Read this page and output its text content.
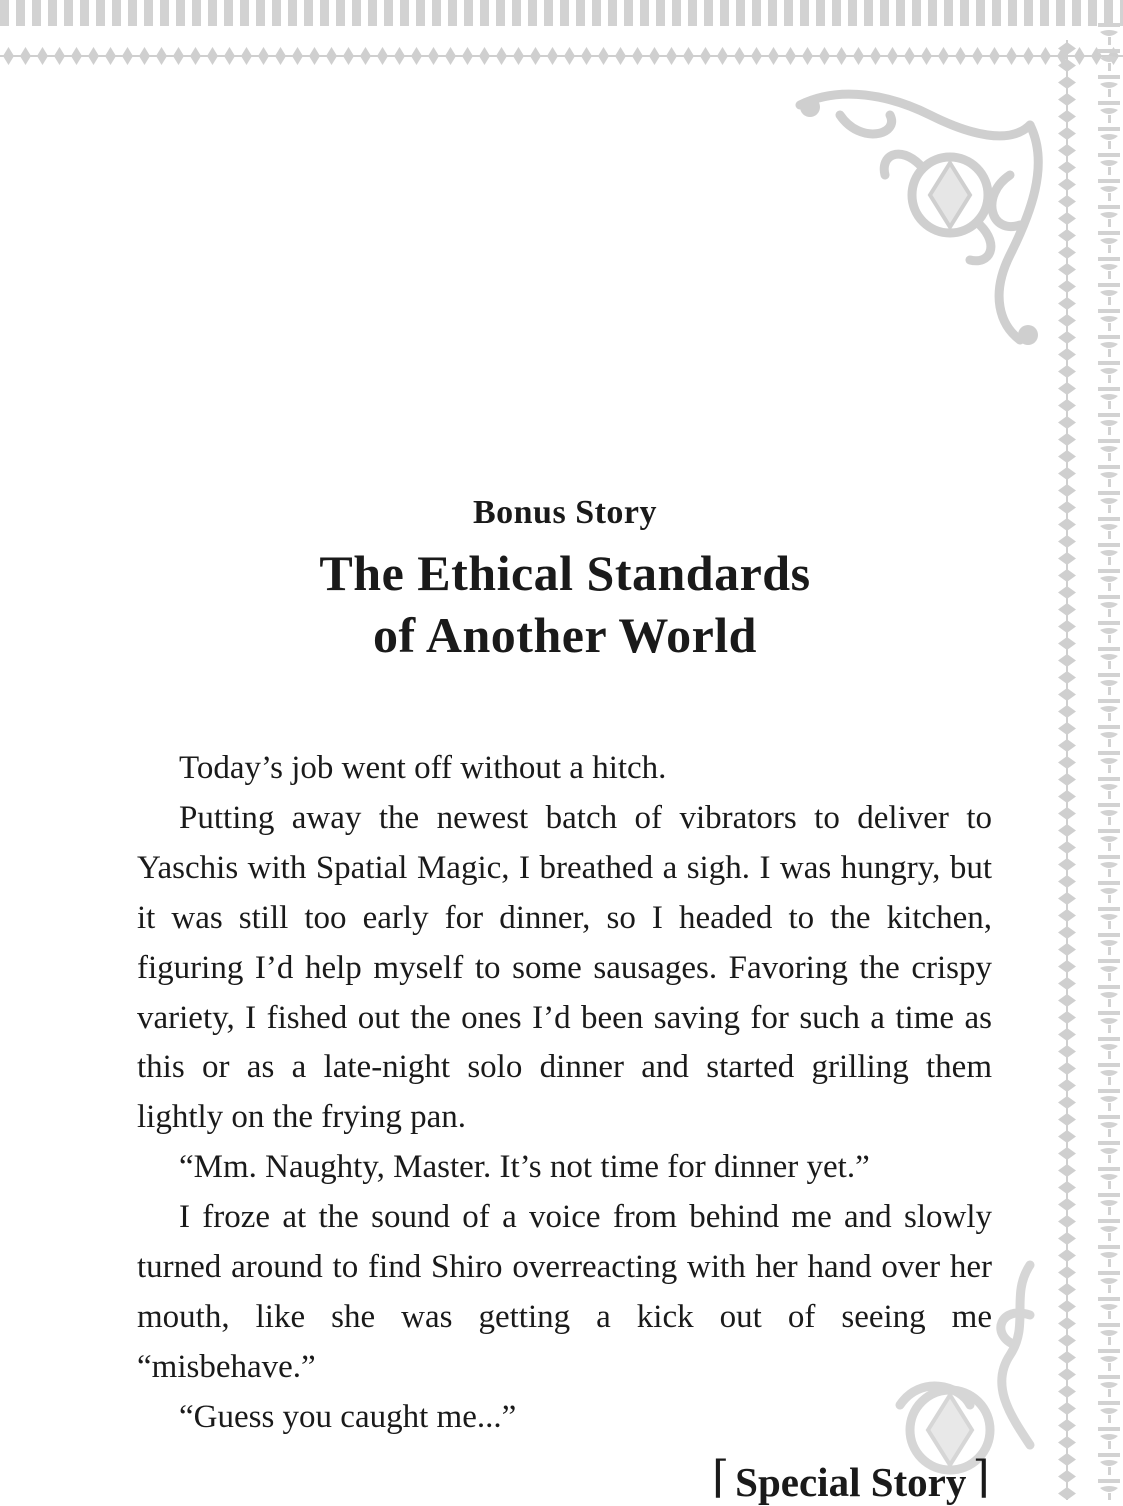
Bonus Story
The Ethical Standards
of Another World

Today’s job went off without a hitch.

Putting away the newest batch of vibrators to deliver to Yaschis with Spatial Magic, I breathed a sigh. I was hungry, but it was still too early for dinner, so I headed to the kitchen, figuring I’d help myself to some sausages. Favoring the crispy variety, I fished out the ones I’d been saving for such a time as this or as a late-night solo dinner and started grilling them lightly on the frying pan.

“Mm. Naughty, Master. It’s not time for dinner yet.”

I froze at the sound of a voice from behind me and slowly turned around to find Shiro overreacting with her hand over her mouth, like she was getting a kick out of seeing me “misbehave.”

“Guess you caught me...”

⌈ Special Story ⌉
